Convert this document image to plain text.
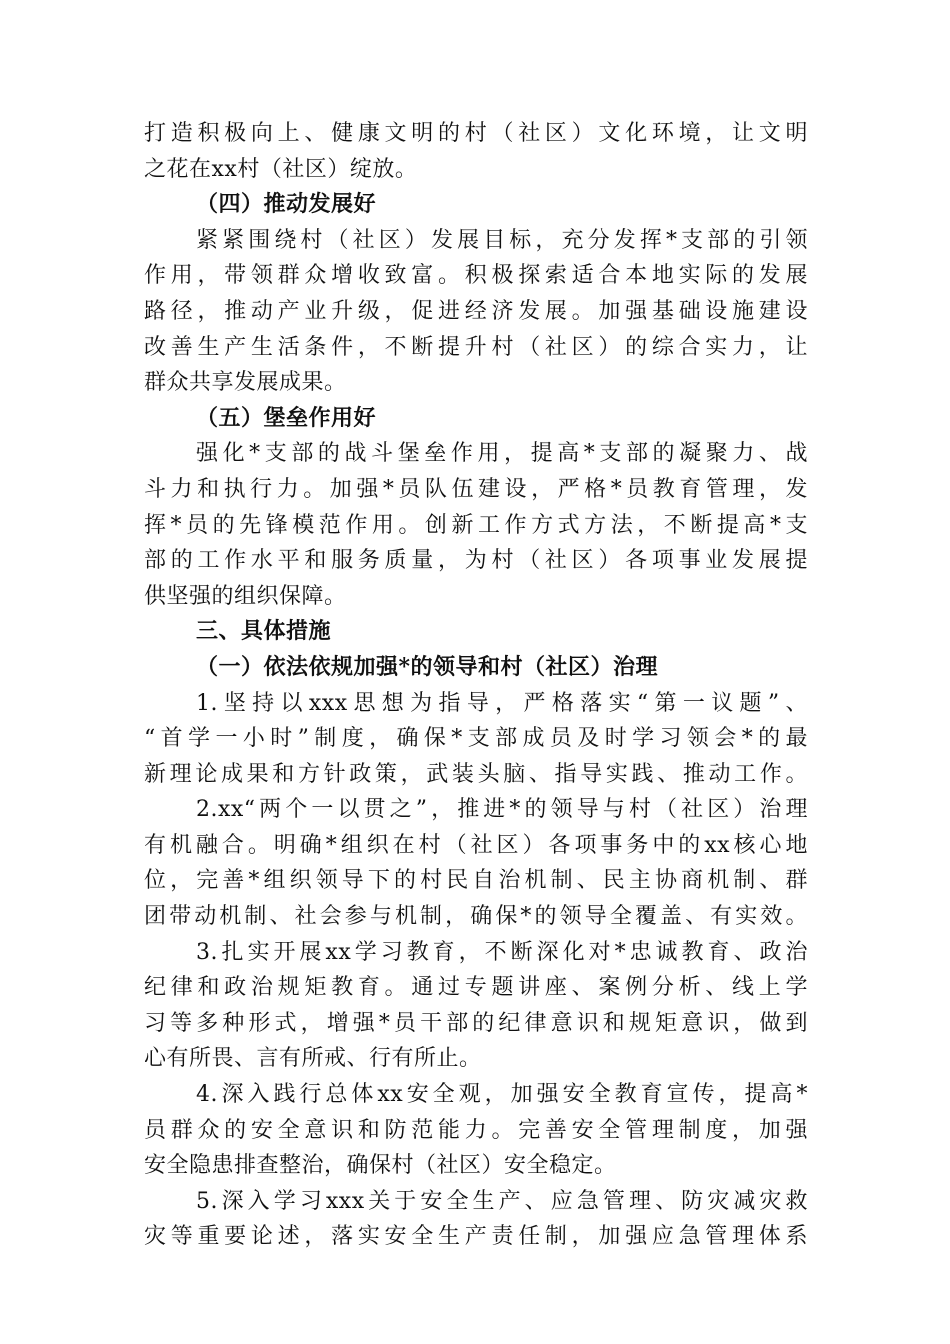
打造积极向上、健康文明的村（社区）文化环境，让文明
之花在xx村（社区）绽放。
（四）推动发展好
紧紧围绕村（社区）发展目标，充分发挥*支部的引领
作用，带领群众增收致富。积极探索适合本地实际的发展
路径，推动产业升级，促进经济发展。加强基础设施建设
改善生产生活条件，不断提升村（社区）的综合实力，让
群众共享发展成果。
（五）堡垒作用好
强化*支部的战斗堡垒作用，提高*支部的凝聚力、战
斗力和执行力。加强*员队伍建设，严格*员教育管理，发
挥*员的先锋模范作用。创新工作方式方法，不断提高*支
部的工作水平和服务质量，为村（社区）各项事业发展提
供坚强的组织保障。
三、具体措施
（一）依法依规加强*的领导和村（社区）治理
1.坚持以xxx思想为指导，严格落实“第一议题”、
“首学一小时”制度，确保*支部成员及时学习领会*的最
新理论成果和方针政策，武装头脑、指导实践、推动工作。
2.xx“两个一以贯之”，推进*的领导与村（社区）治理
有机融合。明确*组织在村（社区）各项事务中的xx核心地
位，完善*组织领导下的村民自治机制、民主协商机制、群
团带动机制、社会参与机制，确保*的领导全覆盖、有实效。
3.扎实开展xx学习教育，不断深化对*忠诚教育、政治
纪律和政治规矩教育。通过专题讲座、案例分析、线上学
习等多种形式，增强*员干部的纪律意识和规矩意识，做到
心有所畏、言有所戒、行有所止。
4.深入践行总体xx安全观，加强安全教育宣传，提高*
员群众的安全意识和防范能力。完善安全管理制度，加强
安全隐患排查整治，确保村（社区）安全稳定。
5.深入学习xxx关于安全生产、应急管理、防灾减灾救
灾等重要论述，落实安全生产责任制，加强应急管理体系
